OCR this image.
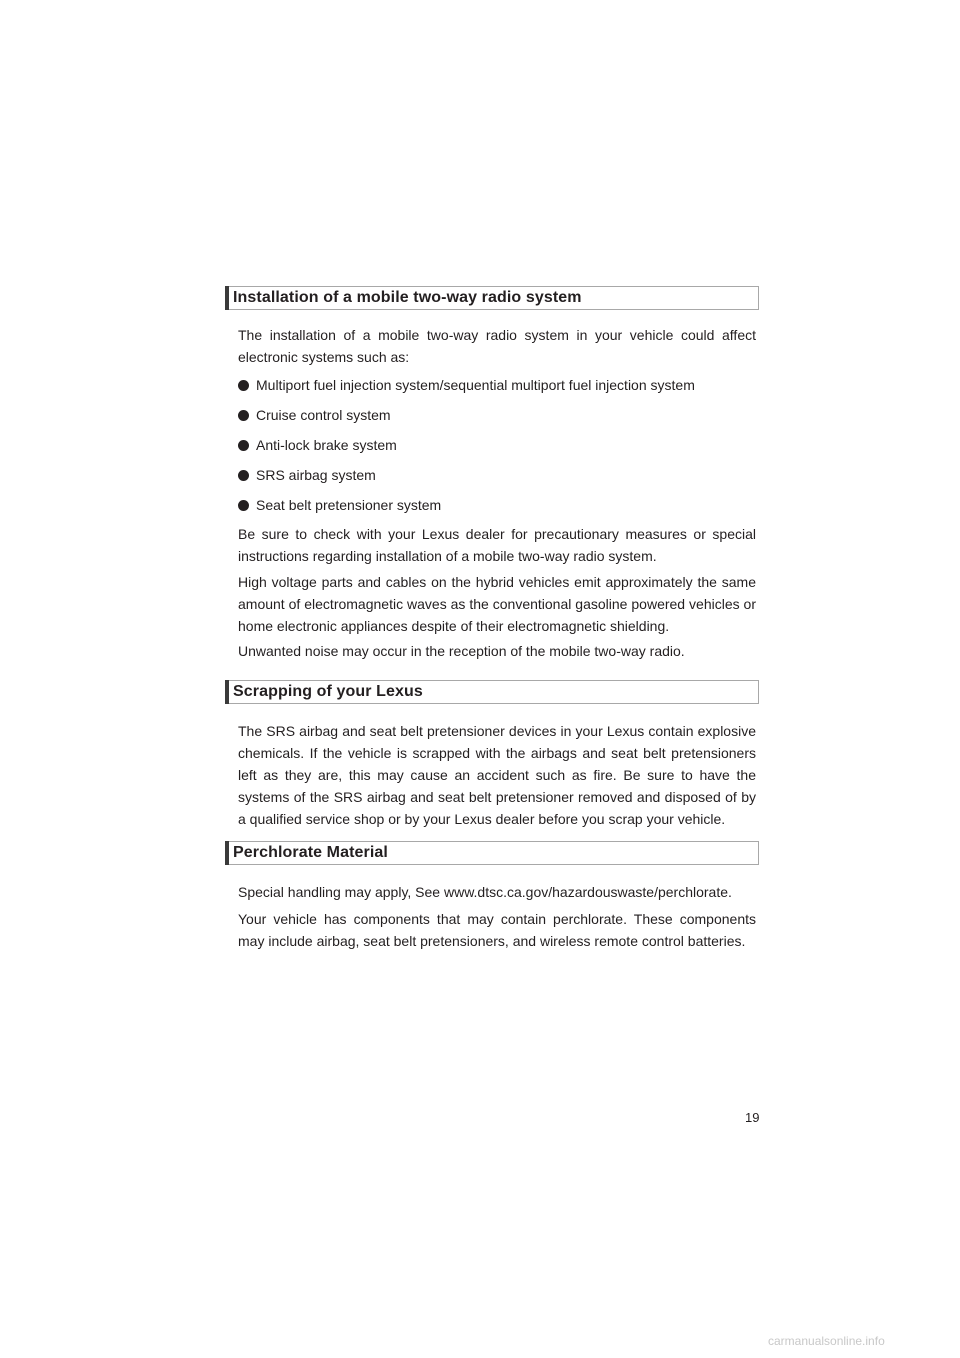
Installation of a mobile two-way radio system

The installation of a mobile two-way radio system in your vehicle could affect electronic systems such as:

Multiport fuel injection system/sequential multiport fuel injection system
Cruise control system
Anti-lock brake system
SRS airbag system
Seat belt pretensioner system

Be sure to check with your Lexus dealer for precautionary measures or special instructions regarding installation of a mobile two-way radio system.

High voltage parts and cables on the hybrid vehicles emit approximately the same amount of electromagnetic waves as the conventional gasoline powered vehicles or home electronic appliances despite of their electromagnetic shielding.

Unwanted noise may occur in the reception of the mobile two-way radio.

Scrapping of your Lexus

The SRS airbag and seat belt pretensioner devices in your Lexus contain explosive chemicals. If the vehicle is scrapped with the airbags and seat belt pretensioners left as they are, this may cause an accident such as fire. Be sure to have the systems of the SRS airbag and seat belt pretensioner removed and disposed of by a qualified service shop or by your Lexus dealer before you scrap your vehicle.

Perchlorate Material

Special handling may apply, See www.dtsc.ca.gov/hazardouswaste/perchlorate.

Your vehicle has components that may contain perchlorate. These components may include airbag, seat belt pretensioners, and wireless remote control batteries.

19
carmanualsonline.info
